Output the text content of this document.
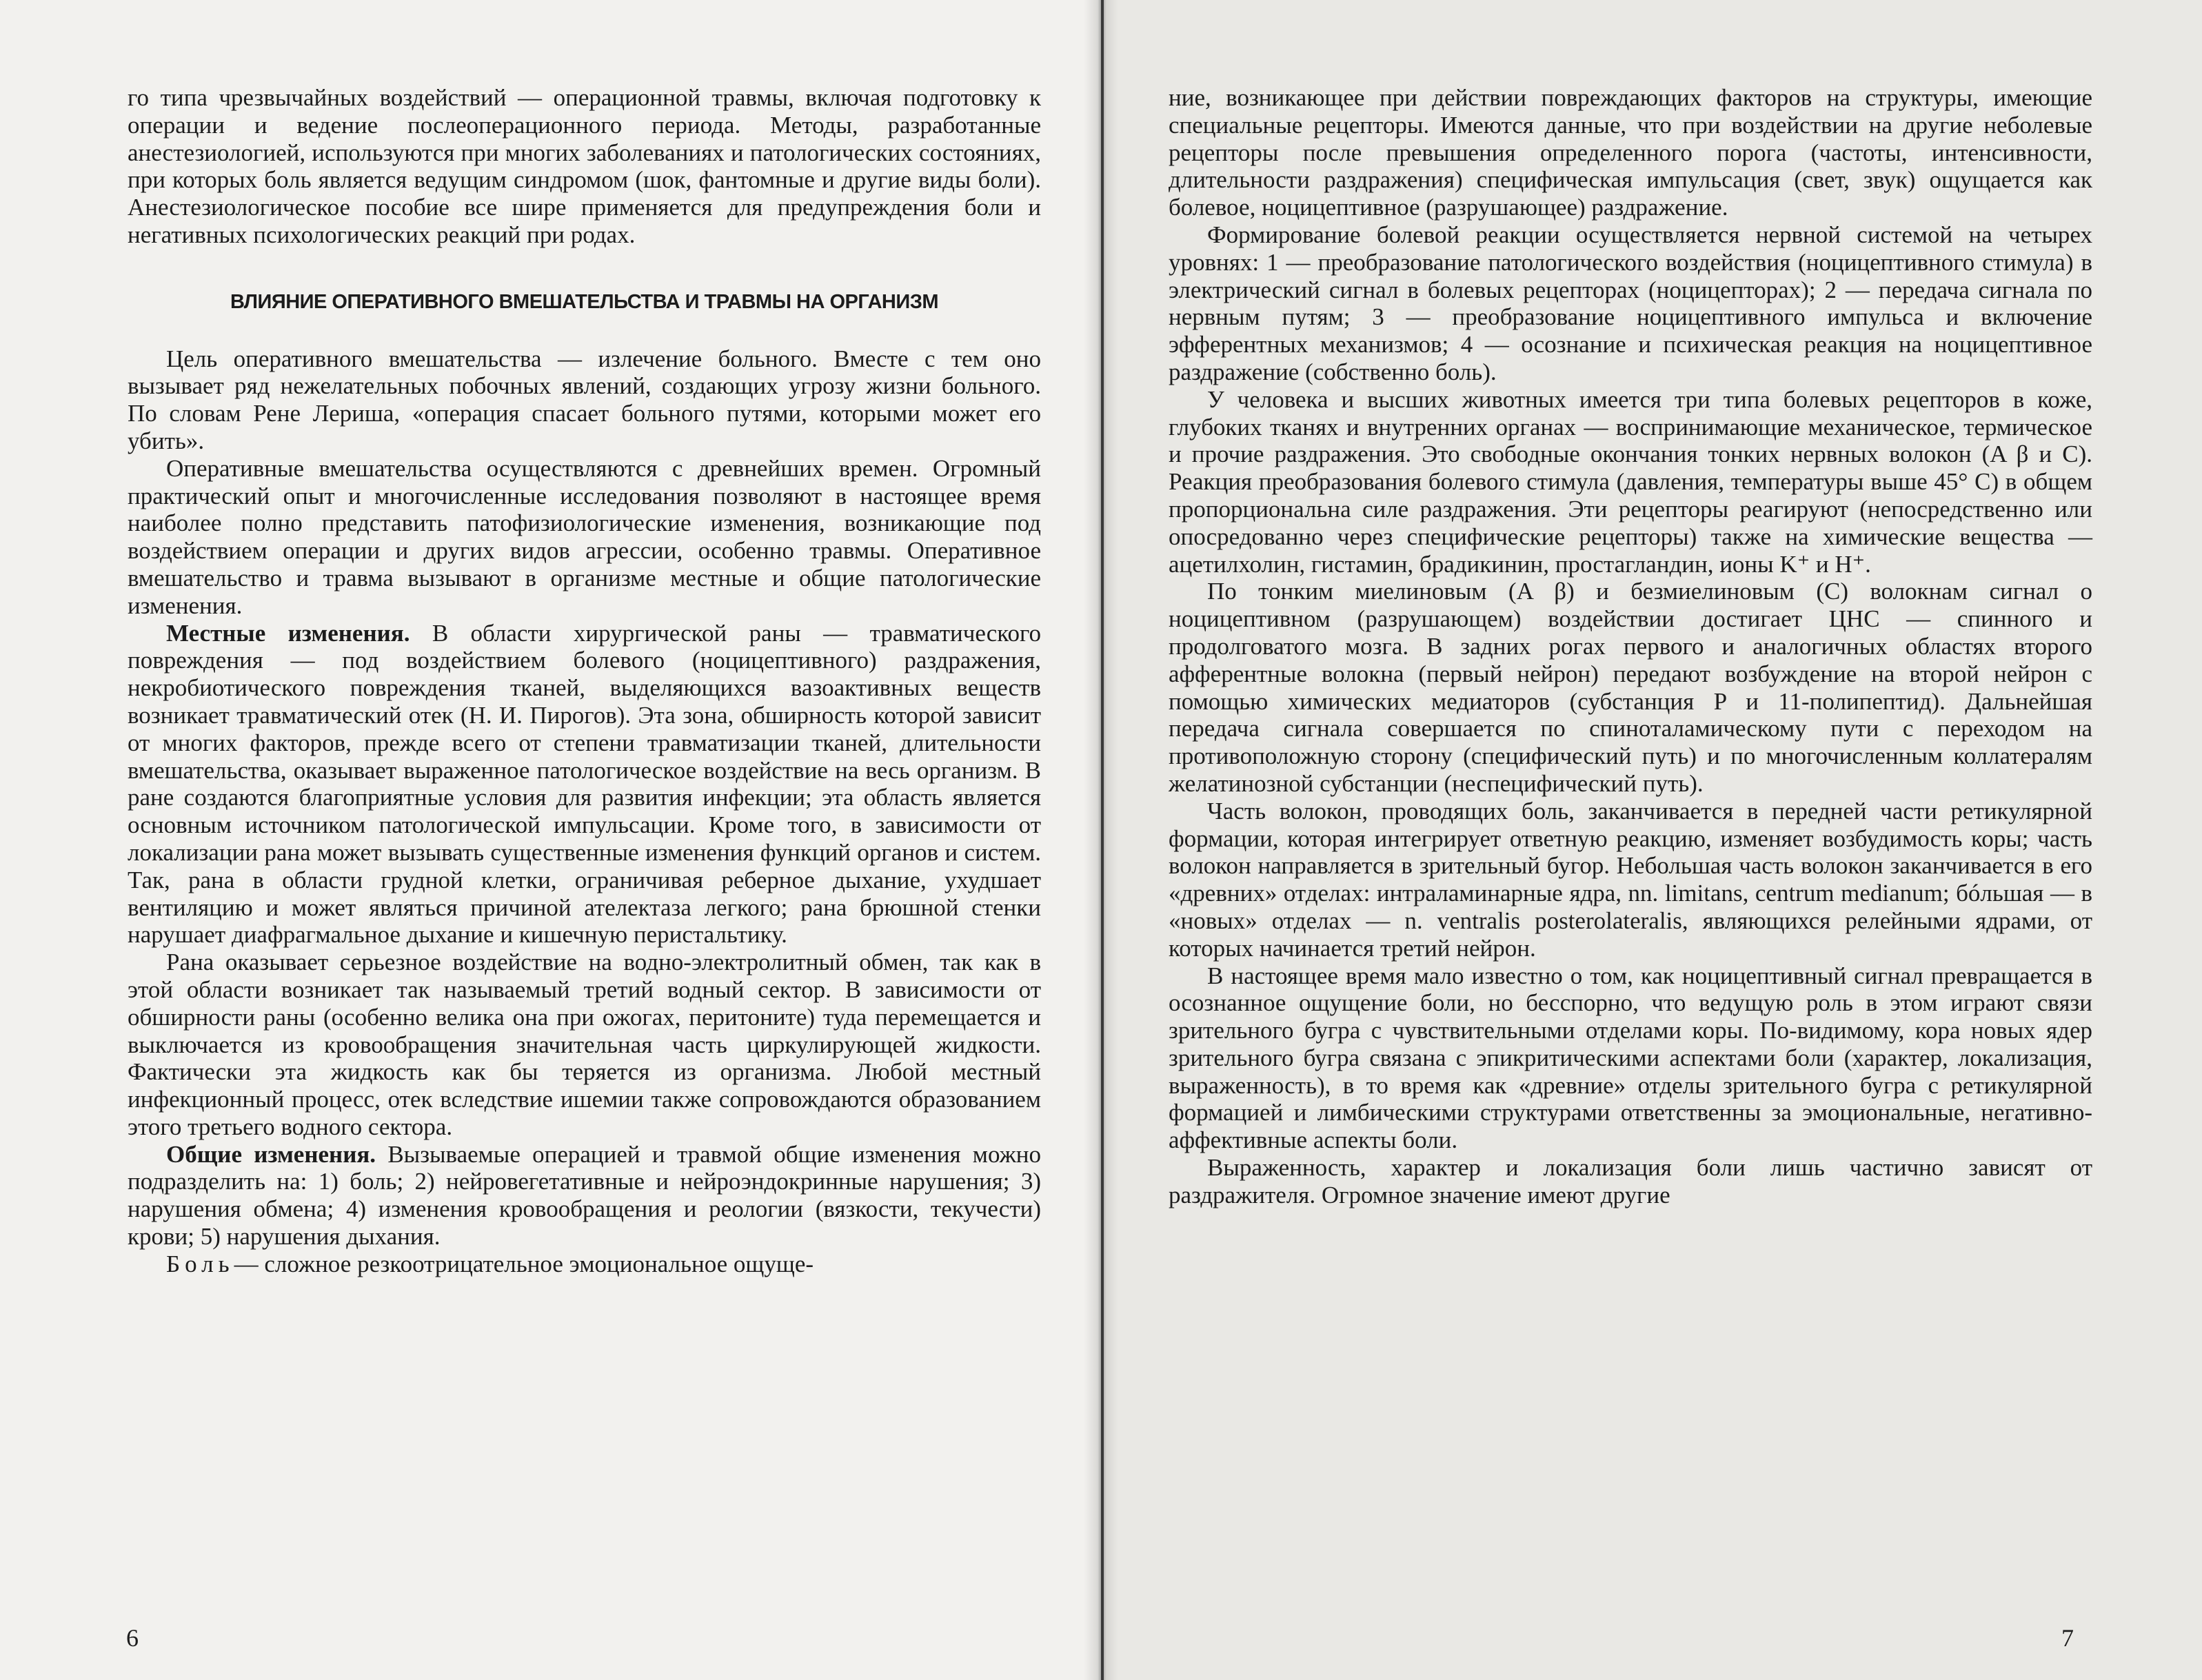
го типа чрезвычайных воздействий — операционной травмы, включая подготовку к операции и ведение послеоперационного периода. Методы, разработанные анестезиологией, используются при многих заболеваниях и патологических состояниях, при которых боль является ведущим синдромом (шок, фантомные и другие виды боли). Анестезиологическое пособие все шире применяется для предупреждения боли и негативных психологических реакций при родах.

ВЛИЯНИЕ ОПЕРАТИВНОГО ВМЕШАТЕЛЬСТВА И ТРАВМЫ НА ОРГАНИЗМ

Цель оперативного вмешательства — излечение больного. Вместе с тем оно вызывает ряд нежелательных побочных явлений, создающих угрозу жизни больного. По словам Рене Лериша, «операция спасает больного путями, которыми может его убить».

Оперативные вмешательства осуществляются с древнейших времен. Огромный практический опыт и многочисленные исследования позволяют в настоящее время наиболее полно представить патофизиологические изменения, возникающие под воздействием операции и других видов агрессии, особенно травмы. Оперативное вмешательство и травма вызывают в организме местные и общие патологические изменения.

Местные изменения. В области хирургической раны — травматического повреждения — под воздействием болевого (ноцицептивного) раздражения, некробиотического повреждения тканей, выделяющихся вазоактивных веществ возникает травматический отек (Н. И. Пирогов). Эта зона, обширность которой зависит от многих факторов, прежде всего от степени травматизации тканей, длительности вмешательства, оказывает выраженное патологическое воздействие на весь организм. В ране создаются благоприятные условия для развития инфекции; эта область является основным источником патологической импульсации. Кроме того, в зависимости от локализации рана может вызывать существенные изменения функций органов и систем. Так, рана в области грудной клетки, ограничивая реберное дыхание, ухудшает вентиляцию и может являться причиной ателектаза легкого; рана брюшной стенки нарушает диафрагмальное дыхание и кишечную перистальтику.

Рана оказывает серьезное воздействие на водно-электролитный обмен, так как в этой области возникает так называемый третий водный сектор. В зависимости от обширности раны (особенно велика она при ожогах, перитоните) туда перемещается и выключается из кровообращения значительная часть циркулирующей жидкости. Фактически эта жидкость как бы теряется из организма. Любой местный инфекционный процесс, отек вследствие ишемии также сопровождаются образованием этого третьего водного сектора.

Общие изменения. Вызываемые операцией и травмой общие изменения можно подразделить на: 1) боль; 2) нейровегетативные и нейроэндокринные нарушения; 3) нарушения обмена; 4) изменения кровообращения и реологии (вязкости, текучести) крови; 5) нарушения дыхания.

Боль— сложное резкоотрицательное эмоциональное ощуще-

6

ние, возникающее при действии повреждающих факторов на структуры, имеющие специальные рецепторы. Имеются данные, что при воздействии на другие неболевые рецепторы после превышения определенного порога (частоты, интенсивности, длительности раздражения) специфическая импульсация (свет, звук) ощущается как болевое, ноцицептивное (разрушающее) раздражение.

Формирование болевой реакции осуществляется нервной системой на четырех уровнях: 1 — преобразование патологического воздействия (ноцицептивного стимула) в электрический сигнал в болевых рецепторах (ноцицепторах); 2 — передача сигнала по нервным путям; 3 — преобразование ноцицептивного импульса и включение эфферентных механизмов; 4 — осознание и психическая реакция на ноцицептивное раздражение (собственно боль).

У человека и высших животных имеется три типа болевых рецепторов в коже, глубоких тканях и внутренних органах — воспринимающие механическое, термическое и прочие раздражения. Это свободные окончания тонких нервных волокон (A β и C). Реакция преобразования болевого стимула (давления, температуры выше 45° C) в общем пропорциональна силе раздражения. Эти рецепторы реагируют (непосредственно или опосредованно через специфические рецепторы) также на химические вещества — ацетилхолин, гистамин, брадикинин, простагландин, ионы K⁺ и H⁺.

По тонким миелиновым (A β) и безмиелиновым (C) волокнам сигнал о ноцицептивном (разрушающем) воздействии достигает ЦНС — спинного и продолговатого мозга. В задних рогах первого и аналогичных областях второго афферентные волокна (первый нейрон) передают возбуждение на второй нейрон с помощью химических медиаторов (субстанция P и 11-полипептид). Дальнейшая передача сигнала совершается по спиноталамическому пути с переходом на противоположную сторону (специфический путь) и по многочисленным коллатералям желатинозной субстанции (неспецифический путь).

Часть волокон, проводящих боль, заканчивается в передней части ретикулярной формации, которая интегрирует ответную реакцию, изменяет возбудимость коры; часть волокон направляется в зрительный бугор. Небольшая часть волокон заканчивается в его «древних» отделах: интраламинарные ядра, nn. limitans, centrum medianum; бóльшая — в «новых» отделах — n. ventralis posterolateralis, являющихся релейными ядрами, от которых начинается третий нейрон.

В настоящее время мало известно о том, как ноцицептивный сигнал превращается в осознанное ощущение боли, но бесспорно, что ведущую роль в этом играют связи зрительного бугра с чувствительными отделами коры. По-видимому, кора новых ядер зрительного бугра связана с эпикритическими аспектами боли (характер, локализация, выраженность), в то время как «древние» отделы зрительного бугра с ретикулярной формацией и лимбическими структурами ответственны за эмоциональные, негативно-аффективные аспекты боли.

Выраженность, характер и локализация боли лишь частично зависят от раздражителя. Огромное значение имеют другие

7
